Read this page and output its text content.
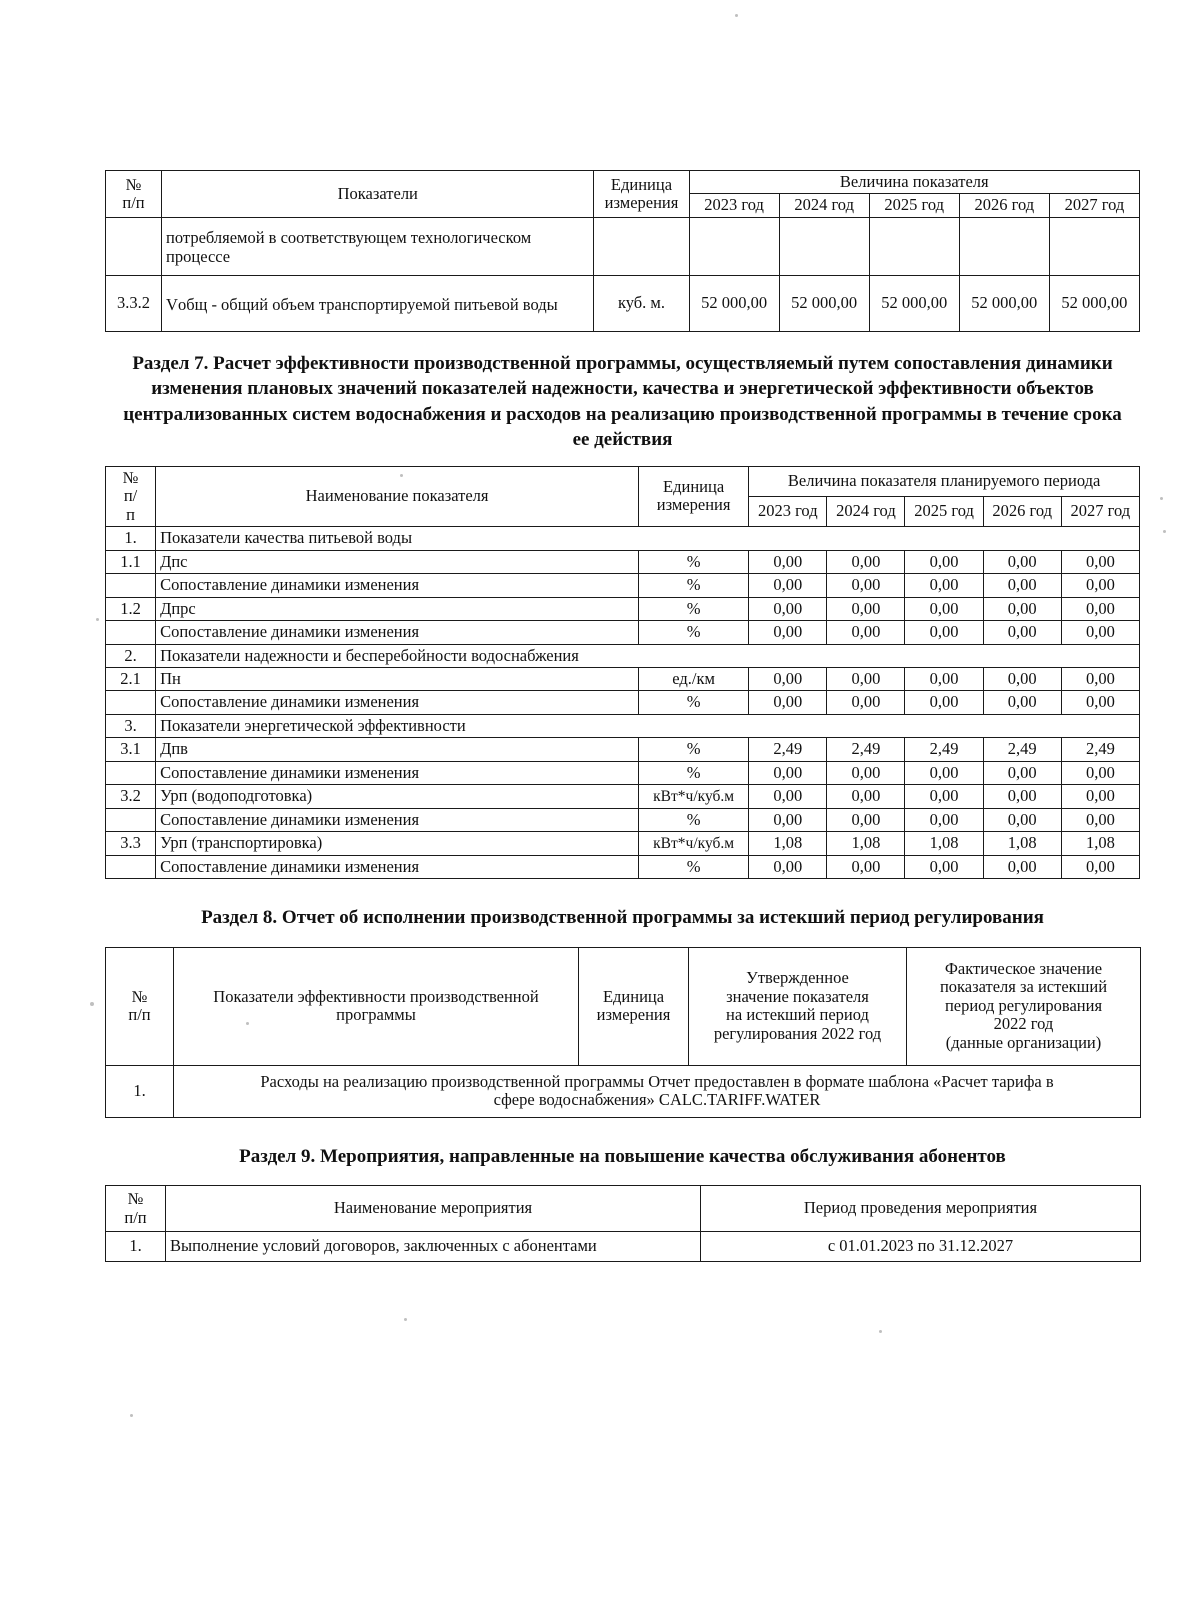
№
п/п	Показатели	Единица
измерения	Величина показателя				
			2023 год	2024 год	2025 год	2026 год	2027 год
	потребляемой в соответствующем технологическом процессе						
3.3.2	Vобщ - общий объем транспортируемой питьевой воды	куб. м.	52 000,00	52 000,00	52 000,00	52 000,00	52 000,00
Раздел 7. Расчет эффективности производственной программы, осуществляемый путем сопоставления динамики изменения плановых значений показателей надежности, качества и энергетической эффективности объектов централизованных систем водоснабжения и расходов на реализацию производственной программы в течение срока ее действия
№
п/
п	Наименование показателя	Единица
измерения	Величина показателя планируемого периода				
			2023 год	2024 год	2025 год	2026 год	2027 год
1.	Показатели качества питьевой воды						
1.1	Дпс	%	0,00	0,00	0,00	0,00	0,00
	Сопоставление динамики изменения	%	0,00	0,00	0,00	0,00	0,00
1.2	Дпрс	%	0,00	0,00	0,00	0,00	0,00
	Сопоставление динамики изменения	%	0,00	0,00	0,00	0,00	0,00
2.	Показатели надежности и бесперебойности водоснабжения						
2.1	Пн	ед./км	0,00	0,00	0,00	0,00	0,00
	Сопоставление динамики изменения	%	0,00	0,00	0,00	0,00	0,00
3.	Показатели энергетической эффективности						
3.1	Дпв	%	2,49	2,49	2,49	2,49	2,49
	Сопоставление динамики изменения	%	0,00	0,00	0,00	0,00	0,00
3.2	Урп (водоподготовка)	кВт*ч/куб.м	0,00	0,00	0,00	0,00	0,00
	Сопоставление динамики изменения	%	0,00	0,00	0,00	0,00	0,00
3.3	Урп (транспортировка)	кВт*ч/куб.м	1,08	1,08	1,08	1,08	1,08
	Сопоставление динамики изменения	%	0,00	0,00	0,00	0,00	0,00
Раздел 8. Отчет об исполнении производственной программы за истекший период регулирования
№
п/п	Показатели эффективности производственной
программы	Единица
измерения	Утвержденное
значение показателя
на истекший период
регулирования 2022 год	Фактическое значение
показателя за истекший
период регулирования
2022 год
(данные организации)

1.	Расходы на реализацию производственной программы Отчет предоставлен в формате шаблона «Расчет тарифа в
сфере водоснабжения» CALC.TARIFF.WATER			
Раздел 9. Мероприятия, направленные на повышение качества обслуживания абонентов
№
п/п	Наименование мероприятия	Период проведения мероприятия
1.	Выполнение условий договоров, заключенных с абонентами	с 01.01.2023 по 31.12.2027
